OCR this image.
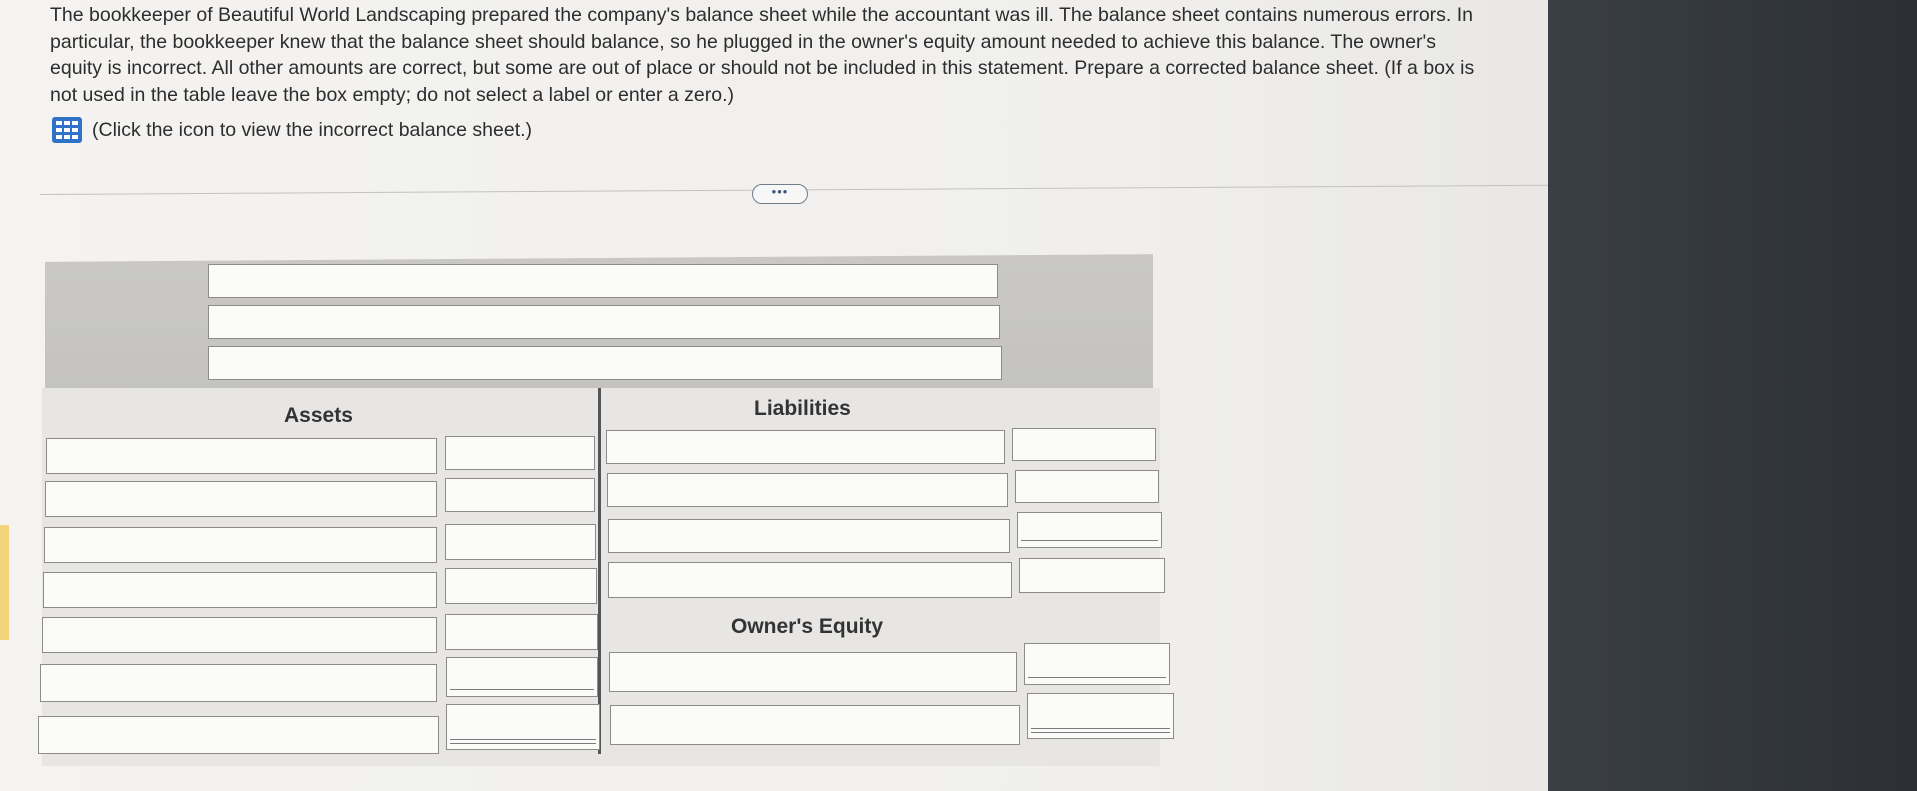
The bookkeeper of Beautiful World Landscaping prepared the company's balance sheet while the accountant was ill. The balance sheet contains numerous errors. In particular, the bookkeeper knew that the balance sheet should balance, so he plugged in the owner's equity amount needed to achieve this balance. The owner's equity is incorrect. All other amounts are correct, but some are out of place or should not be included in this statement. Prepare a corrected balance sheet. (If a box is not used in the table leave the box empty; do not select a label or enter a zero.)
(Click the icon to view the incorrect balance sheet.)
•••
Assets	Liabilities
Owner's Equity
